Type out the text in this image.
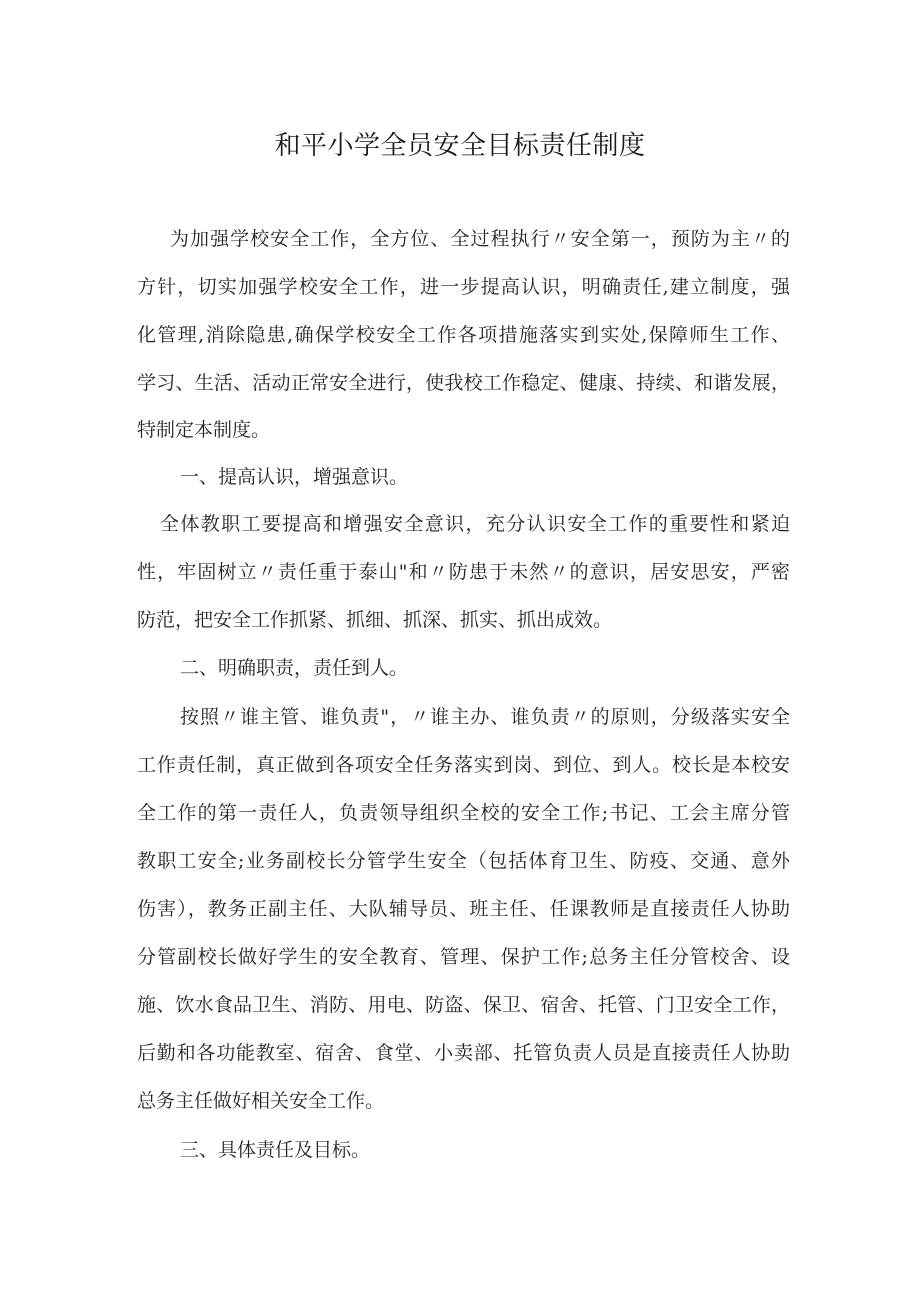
和平小学全员安全目标责任制度
为加强学校安全工作，全方位、全过程执行〃安全第一，预防为主〃的
方针，切实加强学校安全工作，进一步提高认识，明确责任,建立制度，强
化管理,消除隐患,确保学校安全工作各项措施落实到实处,保障师生工作、
学习、生活、活动正常安全进行，使我校工作稳定、健康、持续、和谐发展，
特制定本制度。
一、提高认识，增强意识。
全体教职工要提高和增强安全意识，充分认识安全工作的重要性和紧迫
性，牢固树立〃责任重于泰山"和〃防患于未然〃的意识，居安思安，严密
防范，把安全工作抓紧、抓细、抓深、抓实、抓出成效。
二、明确职责，责任到人。
按照〃谁主管、谁负责"，〃谁主办、谁负责〃的原则，分级落实安全
工作责任制，真正做到各项安全任务落实到岗、到位、到人。校长是本校安
全工作的第一责任人，负责领导组织全校的安全工作;书记、工会主席分管
教职工安全;业务副校长分管学生安全（包括体育卫生、防疫、交通、意外
伤害），教务正副主任、大队辅导员、班主任、任课教师是直接责任人协助
分管副校长做好学生的安全教育、管理、保护工作;总务主任分管校舍、设
施、饮水食品卫生、消防、用电、防盗、保卫、宿舍、托管、门卫安全工作，
后勤和各功能教室、宿舍、食堂、小卖部、托管负责人员是直接责任人协助
总务主任做好相关安全工作。
三、具体责任及目标。
